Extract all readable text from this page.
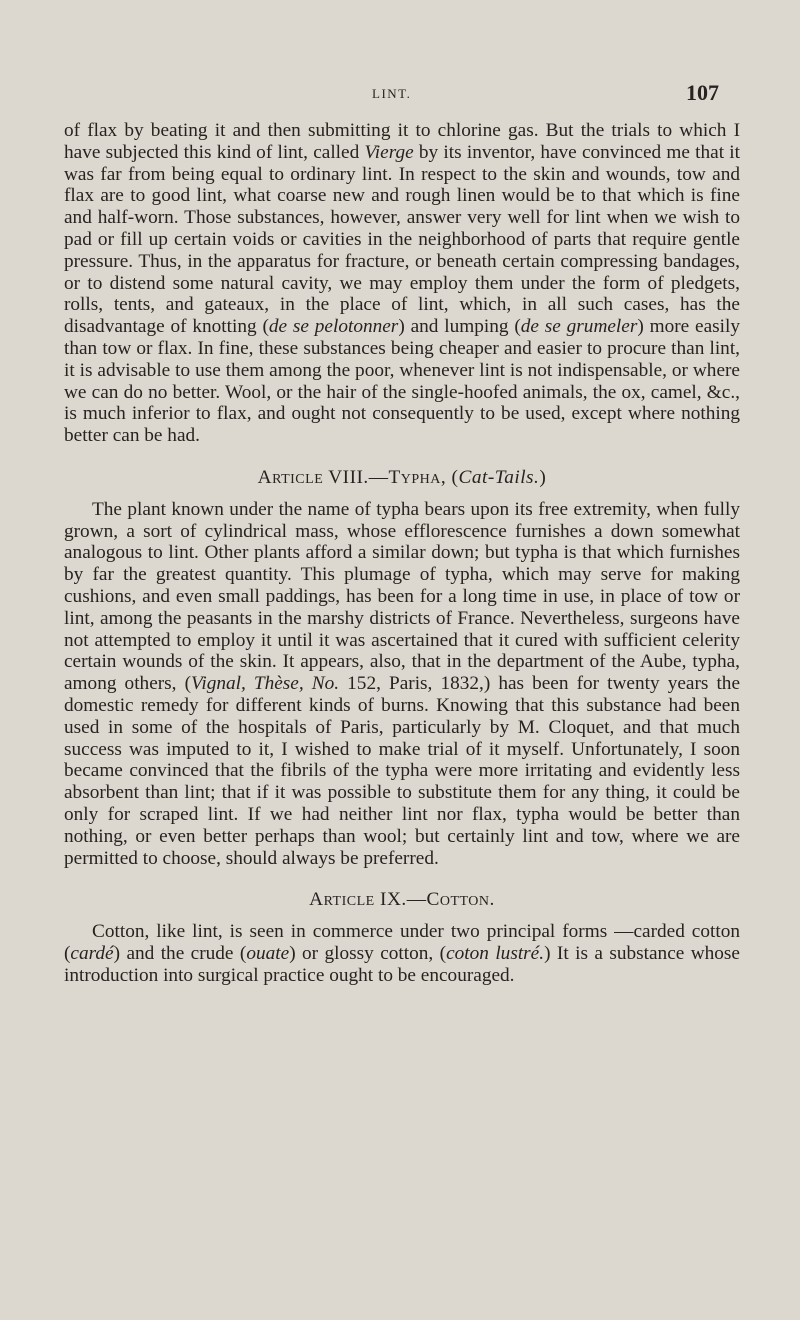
LINT.	107

of flax by beating it and then submitting it to chlorine gas. But the trials to which I have subjected this kind of lint, called Vierge by its inventor, have convinced me that it was far from being equal to ordinary lint. In respect to the skin and wounds, tow and flax are to good lint, what coarse new and rough linen would be to that which is fine and half-worn. Those substances, however, answer very well for lint when we wish to pad or fill up certain voids or cavities in the neighborhood of parts that require gentle pressure. Thus, in the apparatus for fracture, or beneath certain compressing bandages, or to distend some natural cavity, we may employ them under the form of pledgets, rolls, tents, and gateaux, in the place of lint, which, in all such cases, has the disadvantage of knotting (de se pelotonner) and lumping (de se grumeler) more easily than tow or flax. In fine, these substances being cheaper and easier to procure than lint, it is advisable to use them among the poor, whenever lint is not indispensable, or where we can do no better. Wool, or the hair of the single-hoofed animals, the ox, camel, &c., is much inferior to flax, and ought not consequently to be used, except where nothing better can be had.

Article VIII.—Typha, (Cat-Tails.)

The plant known under the name of typha bears upon its free extremity, when fully grown, a sort of cylindrical mass, whose efflorescence furnishes a down somewhat analogous to lint. Other plants afford a similar down; but typha is that which furnishes by far the greatest quantity. This plumage of typha, which may serve for making cushions, and even small paddings, has been for a long time in use, in place of tow or lint, among the peasants in the marshy districts of France. Nevertheless, surgeons have not attempted to employ it until it was ascertained that it cured with sufficient celerity certain wounds of the skin. It appears, also, that in the department of the Aube, typha, among others, (Vignal, Thèse, No. 152, Paris, 1832,) has been for twenty years the domestic remedy for different kinds of burns. Knowing that this substance had been used in some of the hospitals of Paris, particularly by M. Cloquet, and that much success was imputed to it, I wished to make trial of it myself. Unfortunately, I soon became convinced that the fibrils of the typha were more irritating and evidently less absorbent than lint; that if it was possible to substitute them for any thing, it could be only for scraped lint. If we had neither lint nor flax, typha would be better than nothing, or even better perhaps than wool; but certainly lint and tow, where we are permitted to choose, should always be preferred.

Article IX.—Cotton.

Cotton, like lint, is seen in commerce under two principal forms —carded cotton (cardé) and the crude (ouate) or glossy cotton, (coton lustré.) It is a substance whose introduction into surgical practice ought to be encouraged.
